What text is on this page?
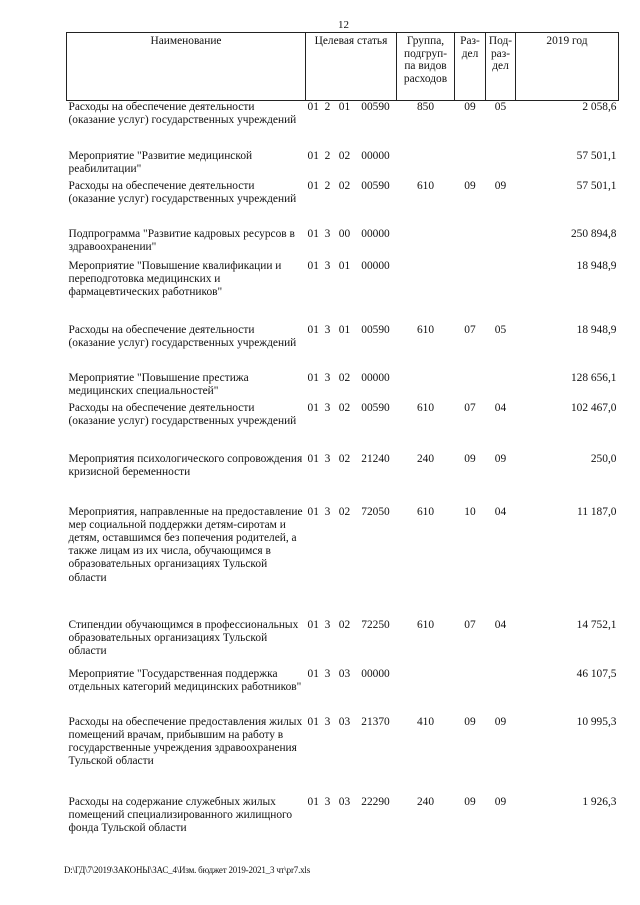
12
Наименование	Целевая статья				Группа, подгруп-па видов расходов	Раз-дел	Под-раз-дел	2019 год
Расходы на обеспечение деятельности (оказание услуг) государственных учреждений	01	2	01	00590	850	09	05	2 058,6
Мероприятие "Развитие медицинской реабилитации"	01	2	02	00000				57 501,1
Расходы на обеспечение деятельности (оказание услуг) государственных учреждений	01	2	02	00590	610	09	09	57 501,1
Подпрограмма "Развитие кадровых ресурсов в здравоохранении"	01	3	00	00000				250 894,8
Мероприятие "Повышение квалификации и переподготовка медицинских и фармацевтических работников"	01	3	01	00000				18 948,9
Расходы на обеспечение деятельности (оказание услуг) государственных учреждений	01	3	01	00590	610	07	05	18 948,9
Мероприятие "Повышение престижа медицинских специальностей"	01	3	02	00000				128 656,1
Расходы на обеспечение деятельности (оказание услуг) государственных учреждений	01	3	02	00590	610	07	04	102 467,0
Мероприятия психологического сопровождения кризисной беременности	01	3	02	21240	240	09	09	250,0
Мероприятия, направленные на предоставление мер социальной поддержки детям-сиротам и детям, оставшимся без попечения родителей, а также лицам из их числа, обучающимся в образовательных организациях Тульской области	01	3	02	72050	610	10	04	11 187,0
Стипендии обучающимся в профессиональных образовательных организациях Тульской области	01	3	02	72250	610	07	04	14 752,1
Мероприятие "Государственная поддержка отдельных категорий медицинских работников"	01	3	03	00000				46 107,5
Расходы на обеспечение предоставления жилых помещений врачам, прибывшим на работу в государственные учреждения здравоохранения Тульской области	01	3	03	21370	410	09	09	10 995,3
Расходы на содержание служебных жилых помещений специализированного жилищного фонда Тульской области	01	3	03	22290	240	09	09	1 926,3
D:\ГД\7\2019\ЗАКОНЫ\ЗАС_4\Изм. бюджет 2019-2021_3 чт\pr7.xls
